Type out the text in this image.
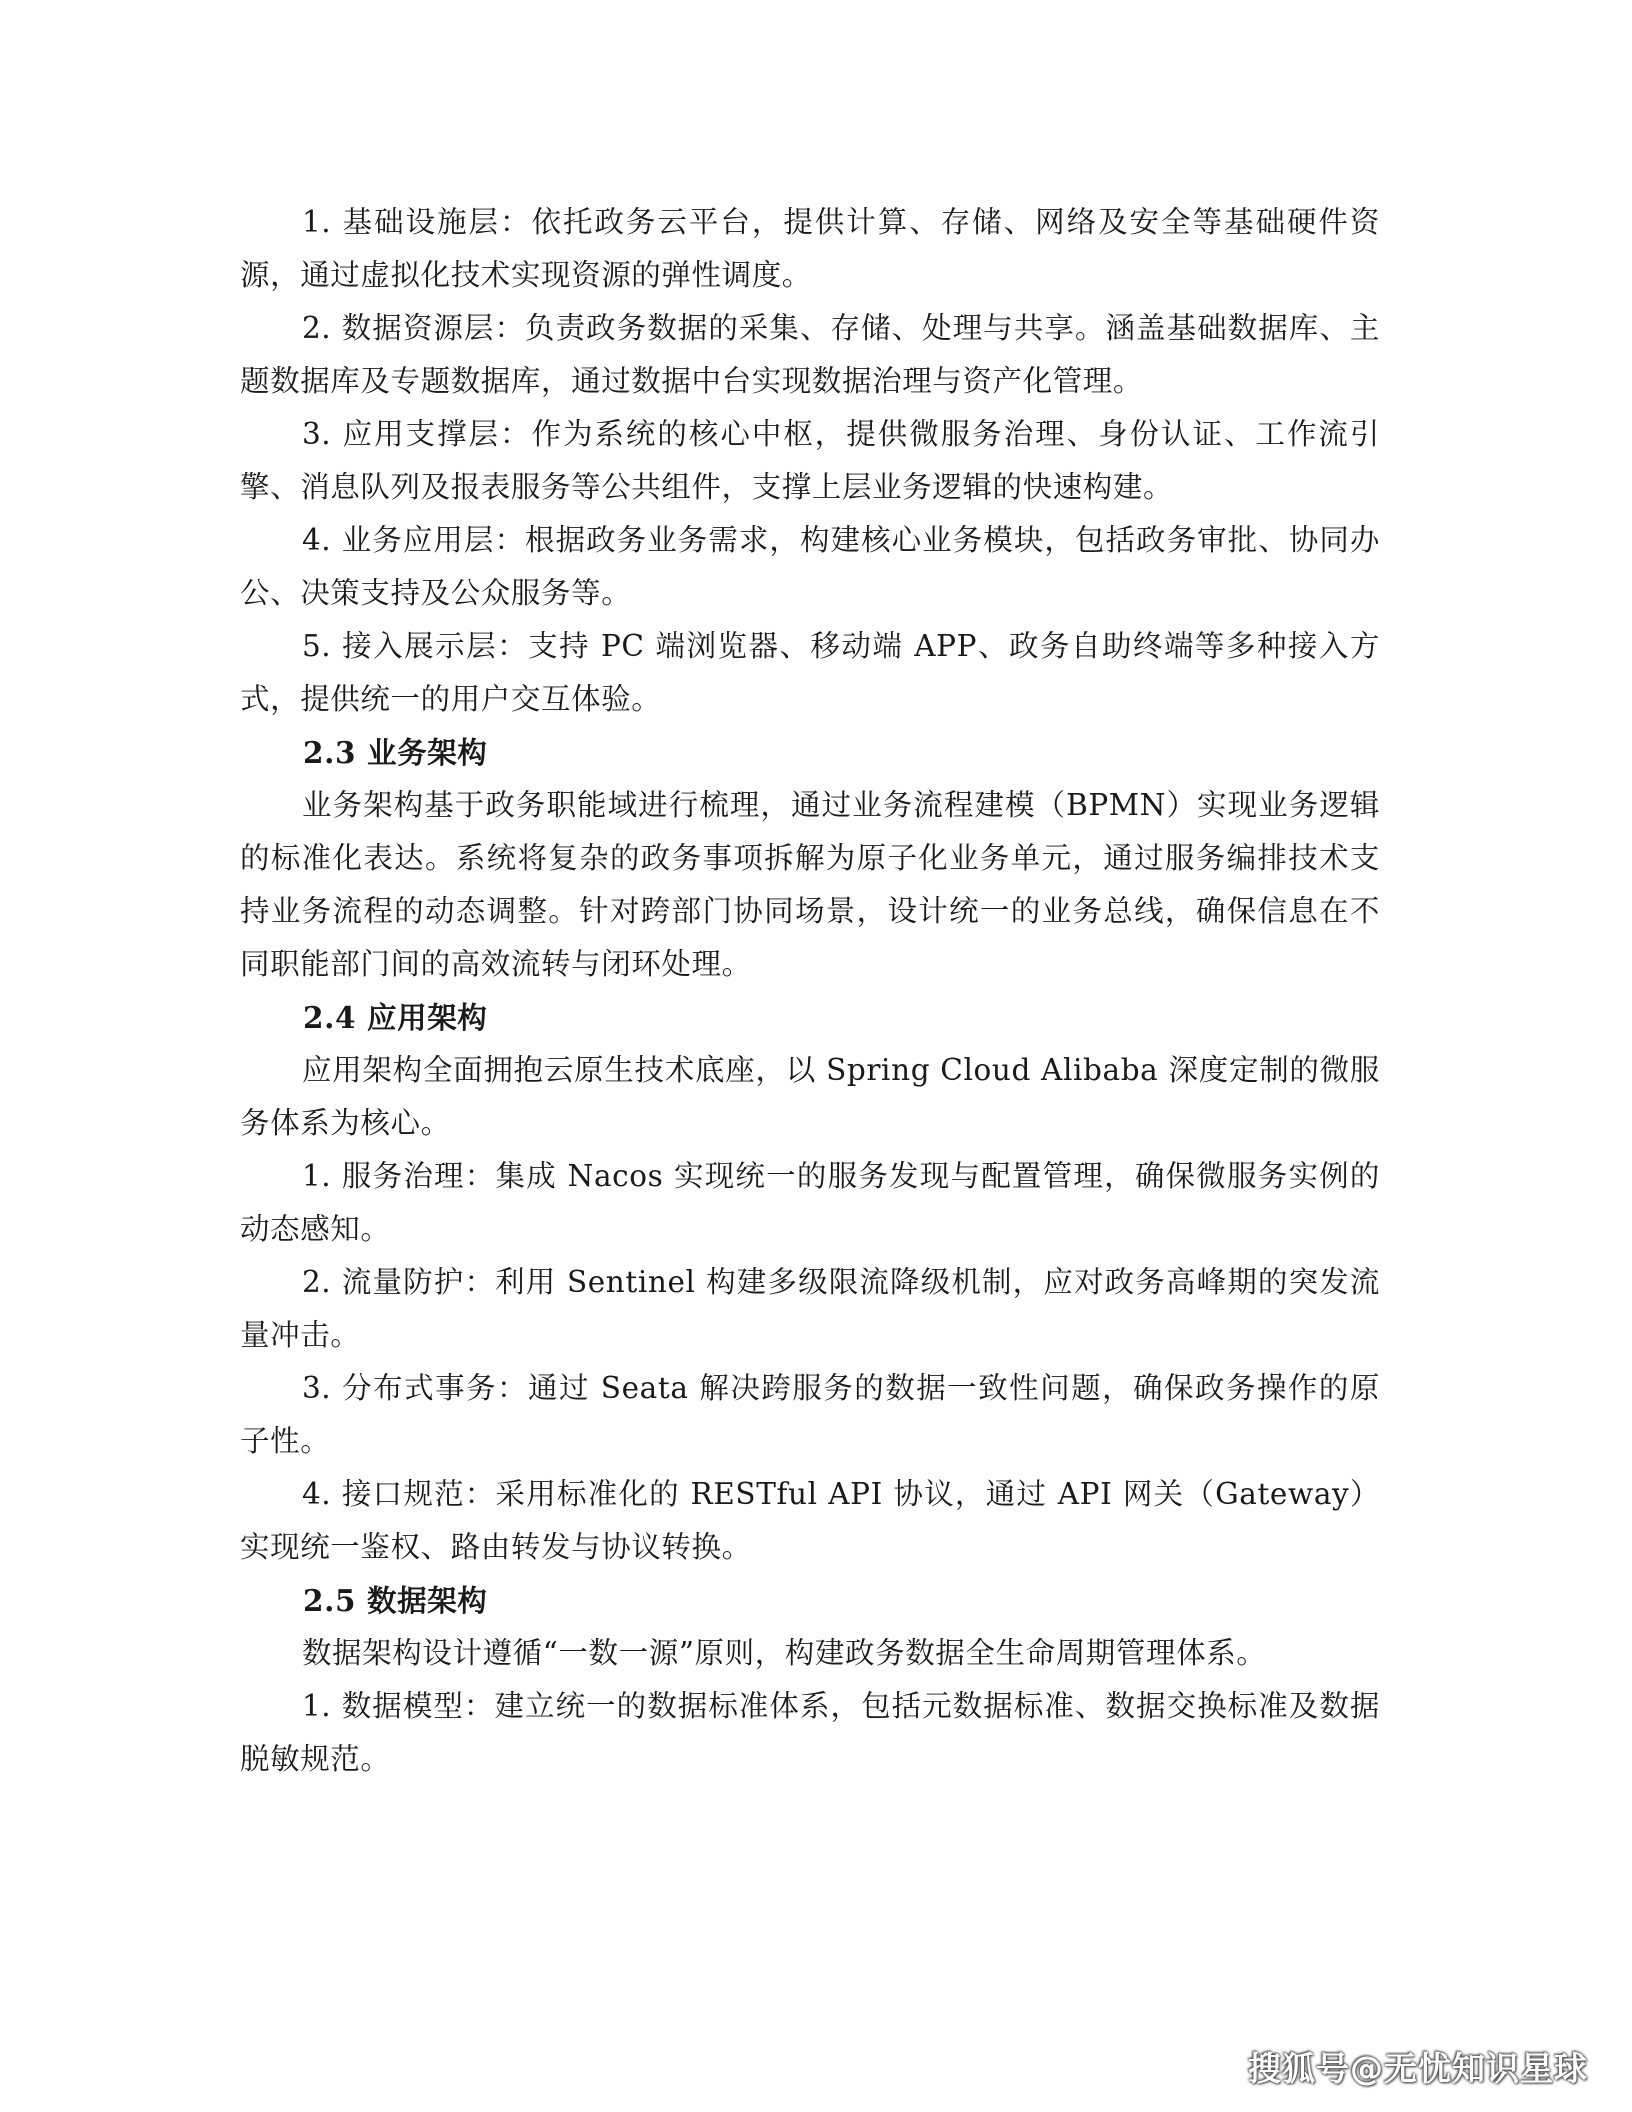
1. 基础设施层：依托政务云平台，提供计算、存储、网络及安全等基础硬件资源，通过虚拟化技术实现资源的弹性调度。

2. 数据资源层：负责政务数据的采集、存储、处理与共享。涵盖基础数据库、主题数据库及专题数据库，通过数据中台实现数据治理与资产化管理。

3. 应用支撑层：作为系统的核心中枢，提供微服务治理、身份认证、工作流引擎、消息队列及报表服务等公共组件，支撑上层业务逻辑的快速构建。

4. 业务应用层：根据政务业务需求，构建核心业务模块，包括政务审批、协同办公、决策支持及公众服务等。

5. 接入展示层：支持 PC 端浏览器、移动端 APP、政务自助终端等多种接入方式，提供统一的用户交互体验。

2.3 业务架构

业务架构基于政务职能域进行梳理，通过业务流程建模（BPMN）实现业务逻辑的标准化表达。系统将复杂的政务事项拆解为原子化业务单元，通过服务编排技术支持业务流程的动态调整。针对跨部门协同场景，设计统一的业务总线，确保信息在不同职能部门间的高效流转与闭环处理。

2.4 应用架构

应用架构全面拥抱云原生技术底座，以 Spring Cloud Alibaba 深度定制的微服务体系为核心。

1. 服务治理：集成 Nacos 实现统一的服务发现与配置管理，确保微服务实例的动态感知。

2. 流量防护：利用 Sentinel 构建多级限流降级机制，应对政务高峰期的突发流量冲击。

3. 分布式事务：通过 Seata 解决跨服务的数据一致性问题，确保政务操作的原子性。

4. 接口规范：采用标准化的 RESTful API 协议，通过 API 网关（Gateway）实现统一鉴权、路由转发与协议转换。

2.5 数据架构

数据架构设计遵循“一数一源”原则，构建政务数据全生命周期管理体系。

1. 数据模型：建立统一的数据标准体系，包括元数据标准、数据交换标准及数据脱敏规范。

搜狐号@无忧知识星球
